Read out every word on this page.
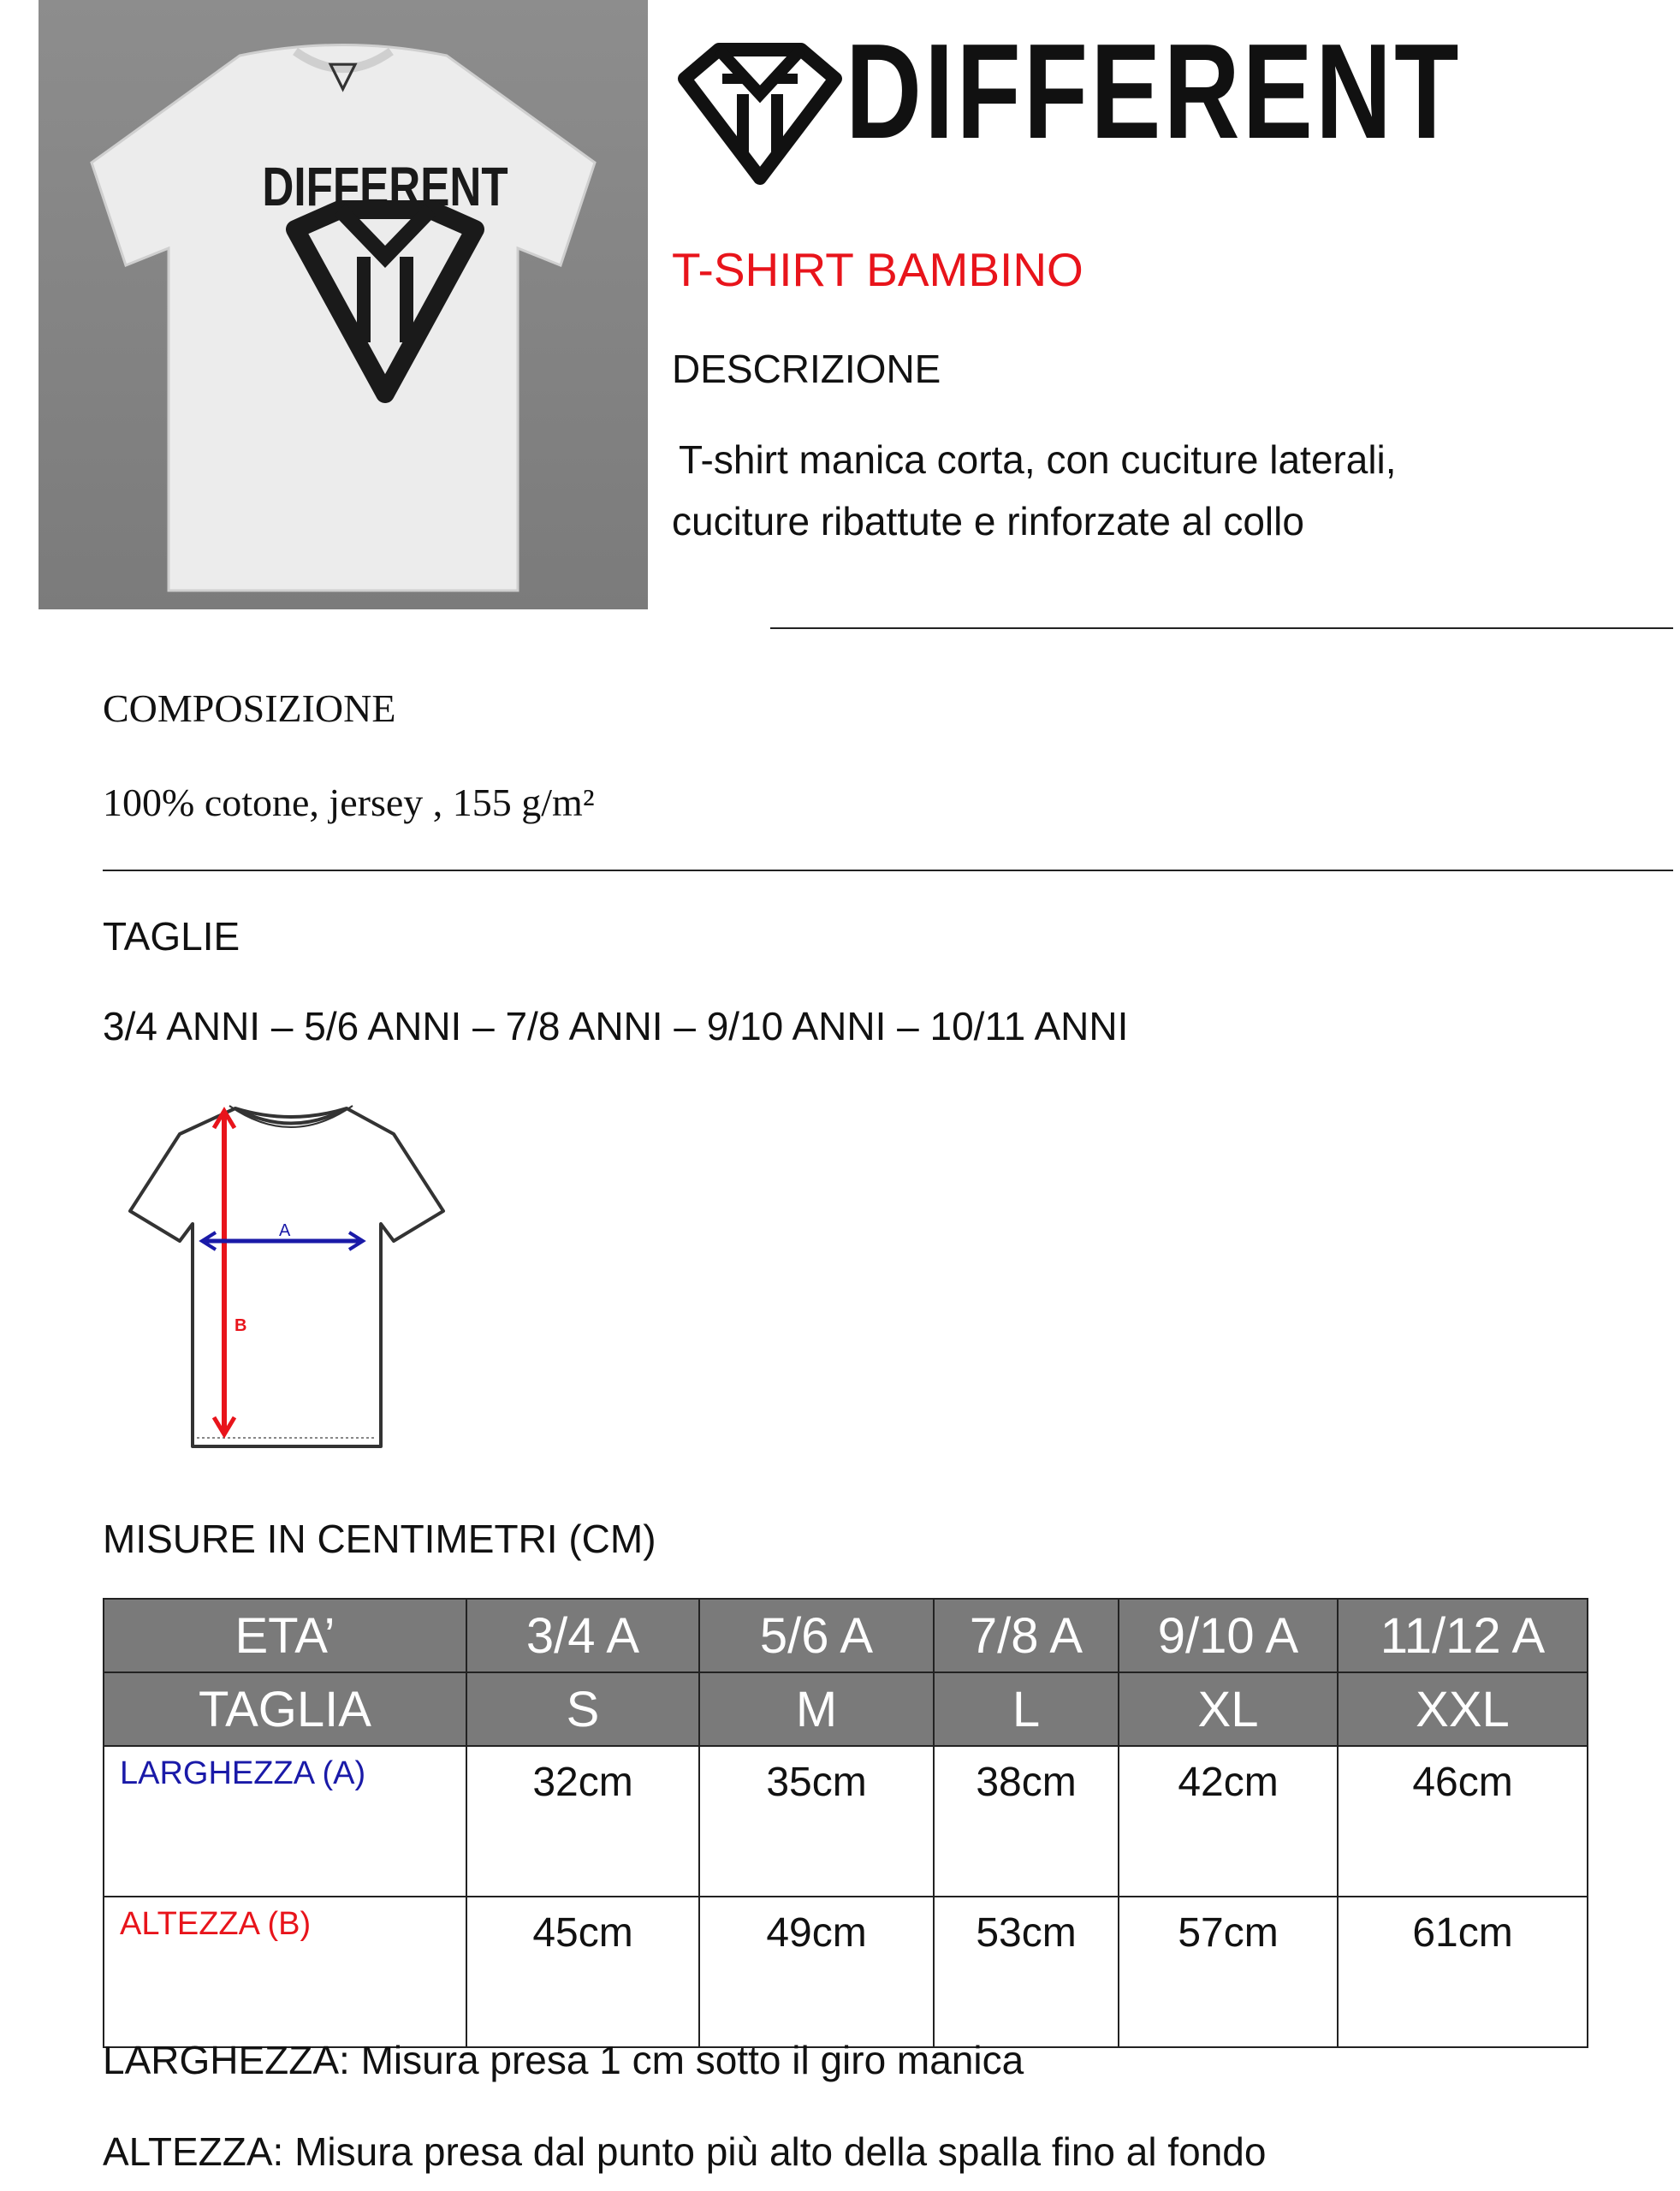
DIFFERENT
DIFFERENT
T-SHIRT BAMBINO
DESCRIZIONE
T-shirt manica corta, con cuciture laterali,
cuciture ribattute e rinforzate al collo
COMPOSIZIONE
100% cotone, jersey , 155 g/m²
TAGLIE
3/4 ANNI – 5/6 ANNI – 7/8 ANNI – 9/10 ANNI – 10/11 ANNI
B
A
MISURE IN CENTIMETRI (CM)
ETA’	3/4 A	5/6 A	7/8 A	9/10 A	11/12 A
TAGLIA	S	M	L	XL	XXL
LARGHEZZA (A)	32cm	35cm	38cm	42cm	46cm
ALTEZZA (B)	45cm	49cm	53cm	57cm	61cm
LARGHEZZA: Misura presa 1 cm sotto il giro manica
ALTEZZA: Misura presa dal punto più alto della spalla fino al fondo
